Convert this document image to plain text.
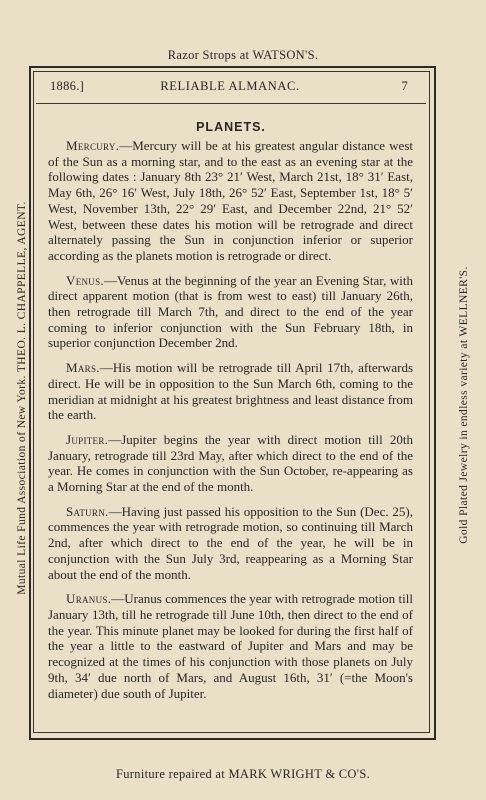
Razor Strops at WATSON'S.
Mutual Life Fund Association of New York. THEO. L. CHAPPELLE, AGENT.	Gold Plated Jewelry in endless variety at WELLNER'S.
1886.]	RELIABLE ALMANAC.	7
PLANETS.

Mercury.—Mercury will be at his greatest angular distance west of the Sun as a morning star, and to the east as an evening star at the following dates : January 8th 23° 21′ West, March 21st, 18° 31′ East, May 6th, 26° 16′ West, July 18th, 26° 52′ East, September 1st, 18° 5′ West, November 13th, 22° 29′ East, and December 22nd, 21° 52′ West, between these dates his motion will be retrograde and direct alternately passing the Sun in conjunction inferior or superior according as the planets motion is retrograde or direct.

Venus.—Venus at the beginning of the year an Evening Star, with direct apparent motion (that is from west to east) till January 26th, then retrograde till March 7th, and direct to the end of the year coming to inferior conjunction with the Sun February 18th, in superior conjunction December 2nd.

Mars.—His motion will be retrograde till April 17th, afterwards direct. He will be in opposition to the Sun March 6th, coming to the meridian at midnight at his greatest brightness and least distance from the earth.

Jupiter.—Jupiter begins the year with direct motion till 20th January, retrograde till 23rd May, after which direct to the end of the year. He comes in conjunction with the Sun October, re-appearing as a Morning Star at the end of the month.

Saturn.—Having just passed his opposition to the Sun (Dec. 25), commences the year with retrograde motion, so continuing till March 2nd, after which direct to the end of the year, he will be in conjunction with the Sun July 3rd, reappearing as a Morning Star about the end of the month.

Uranus.—Uranus commences the year with retrograde motion till January 13th, till he retrograde till June 10th, then direct to the end of the year. This minute planet may be looked for during the first half of the year a little to the eastward of Jupiter and Mars and may be recognized at the times of his conjunction with those planets on July 9th, 34′ due north of Mars, and August 16th, 31′ (=the Moon's diameter) due south of Jupiter.

Furniture repaired at MARK WRIGHT & CO'S.
